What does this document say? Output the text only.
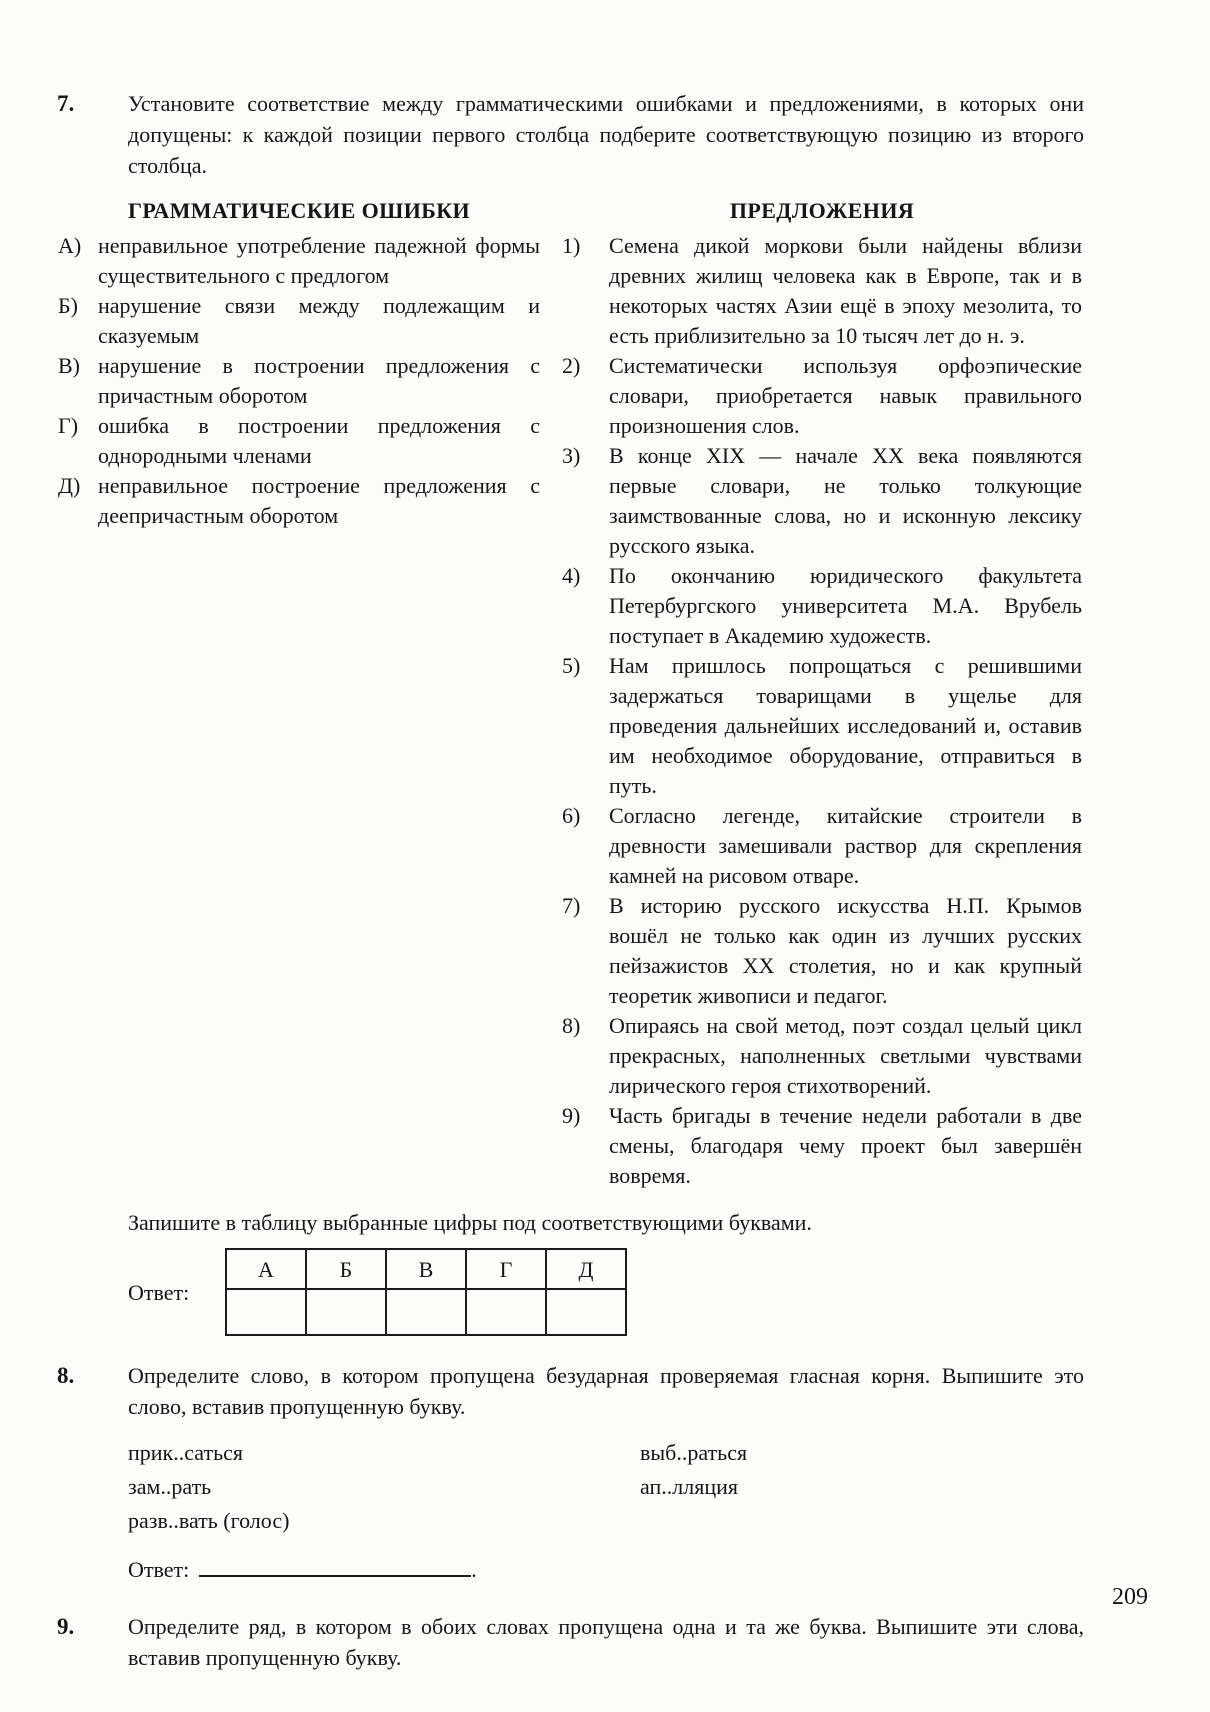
7. Установите соответствие между грамматическими ошибками и предложениями, в которых они допущены: к каждой позиции первого столбца подберите соответствующую позицию из второго столбца.

ГРАММАТИЧЕСКИЕ ОШИБКИ
А) неправильное употребление падежной формы существительного с предлогом
Б) нарушение связи между подлежащим и сказуемым
В) нарушение в построении предложения с причастным оборотом
Г) ошибка в построении предложения с однородными членами
Д) неправильное построение предложения с деепричастным оборотом
ПРЕДЛОЖЕНИЯ
1)	Семена дикой моркови были найдены вблизи древних жилищ человека как в Европе, так и в некоторых частях Азии ещё в эпоху мезолита, то есть приблизительно за 10 тысяч лет до н. э.
2)	Систематически используя орфоэпические словари, приобретается навык правильного произношения слов.
3)	В конце XIX — начале XX века появляются первые словари, не только толкующие заимствованные слова, но и исконную лексику русского языка.
4)	По окончанию юридического факультета Петербургского университета М.А. Врубель поступает в Академию художеств.
5)	Нам пришлось попрощаться с решившими задержаться товарищами в ущелье для проведения дальнейших исследований и, оставив им необходимое оборудование, отправиться в путь.
6)	Согласно легенде, китайские строители в древности замешивали раствор для скрепления камней на рисовом отваре.
7)	В историю русского искусства Н.П. Крымов вошёл не только как один из лучших русских пейзажистов XX столетия, но и как крупный теоретик живописи и педагог.
8)	Опираясь на свой метод, поэт создал целый цикл прекрасных, наполненных светлыми чувствами лирического героя стихотворений.
9)	Часть бригады в течение недели работали в две смены, благодаря чему проект был завершён вовремя.

Запишите в таблицу выбранные цифры под соответствующими буквами.

Ответ:
А	Б	В	Г	Д

8. Определите слово, в котором пропущена безударная проверяемая гласная корня. Выпишите это слово, вставив пропущенную букву.

прик..саться	выб..раться
зам..рать	ап..лляция
разв..вать (голос)
Ответ:	.
9. Определите ряд, в котором в обоих словах пропущена одна и та же буква. Выпишите эти слова, вставив пропущенную букву.

209
